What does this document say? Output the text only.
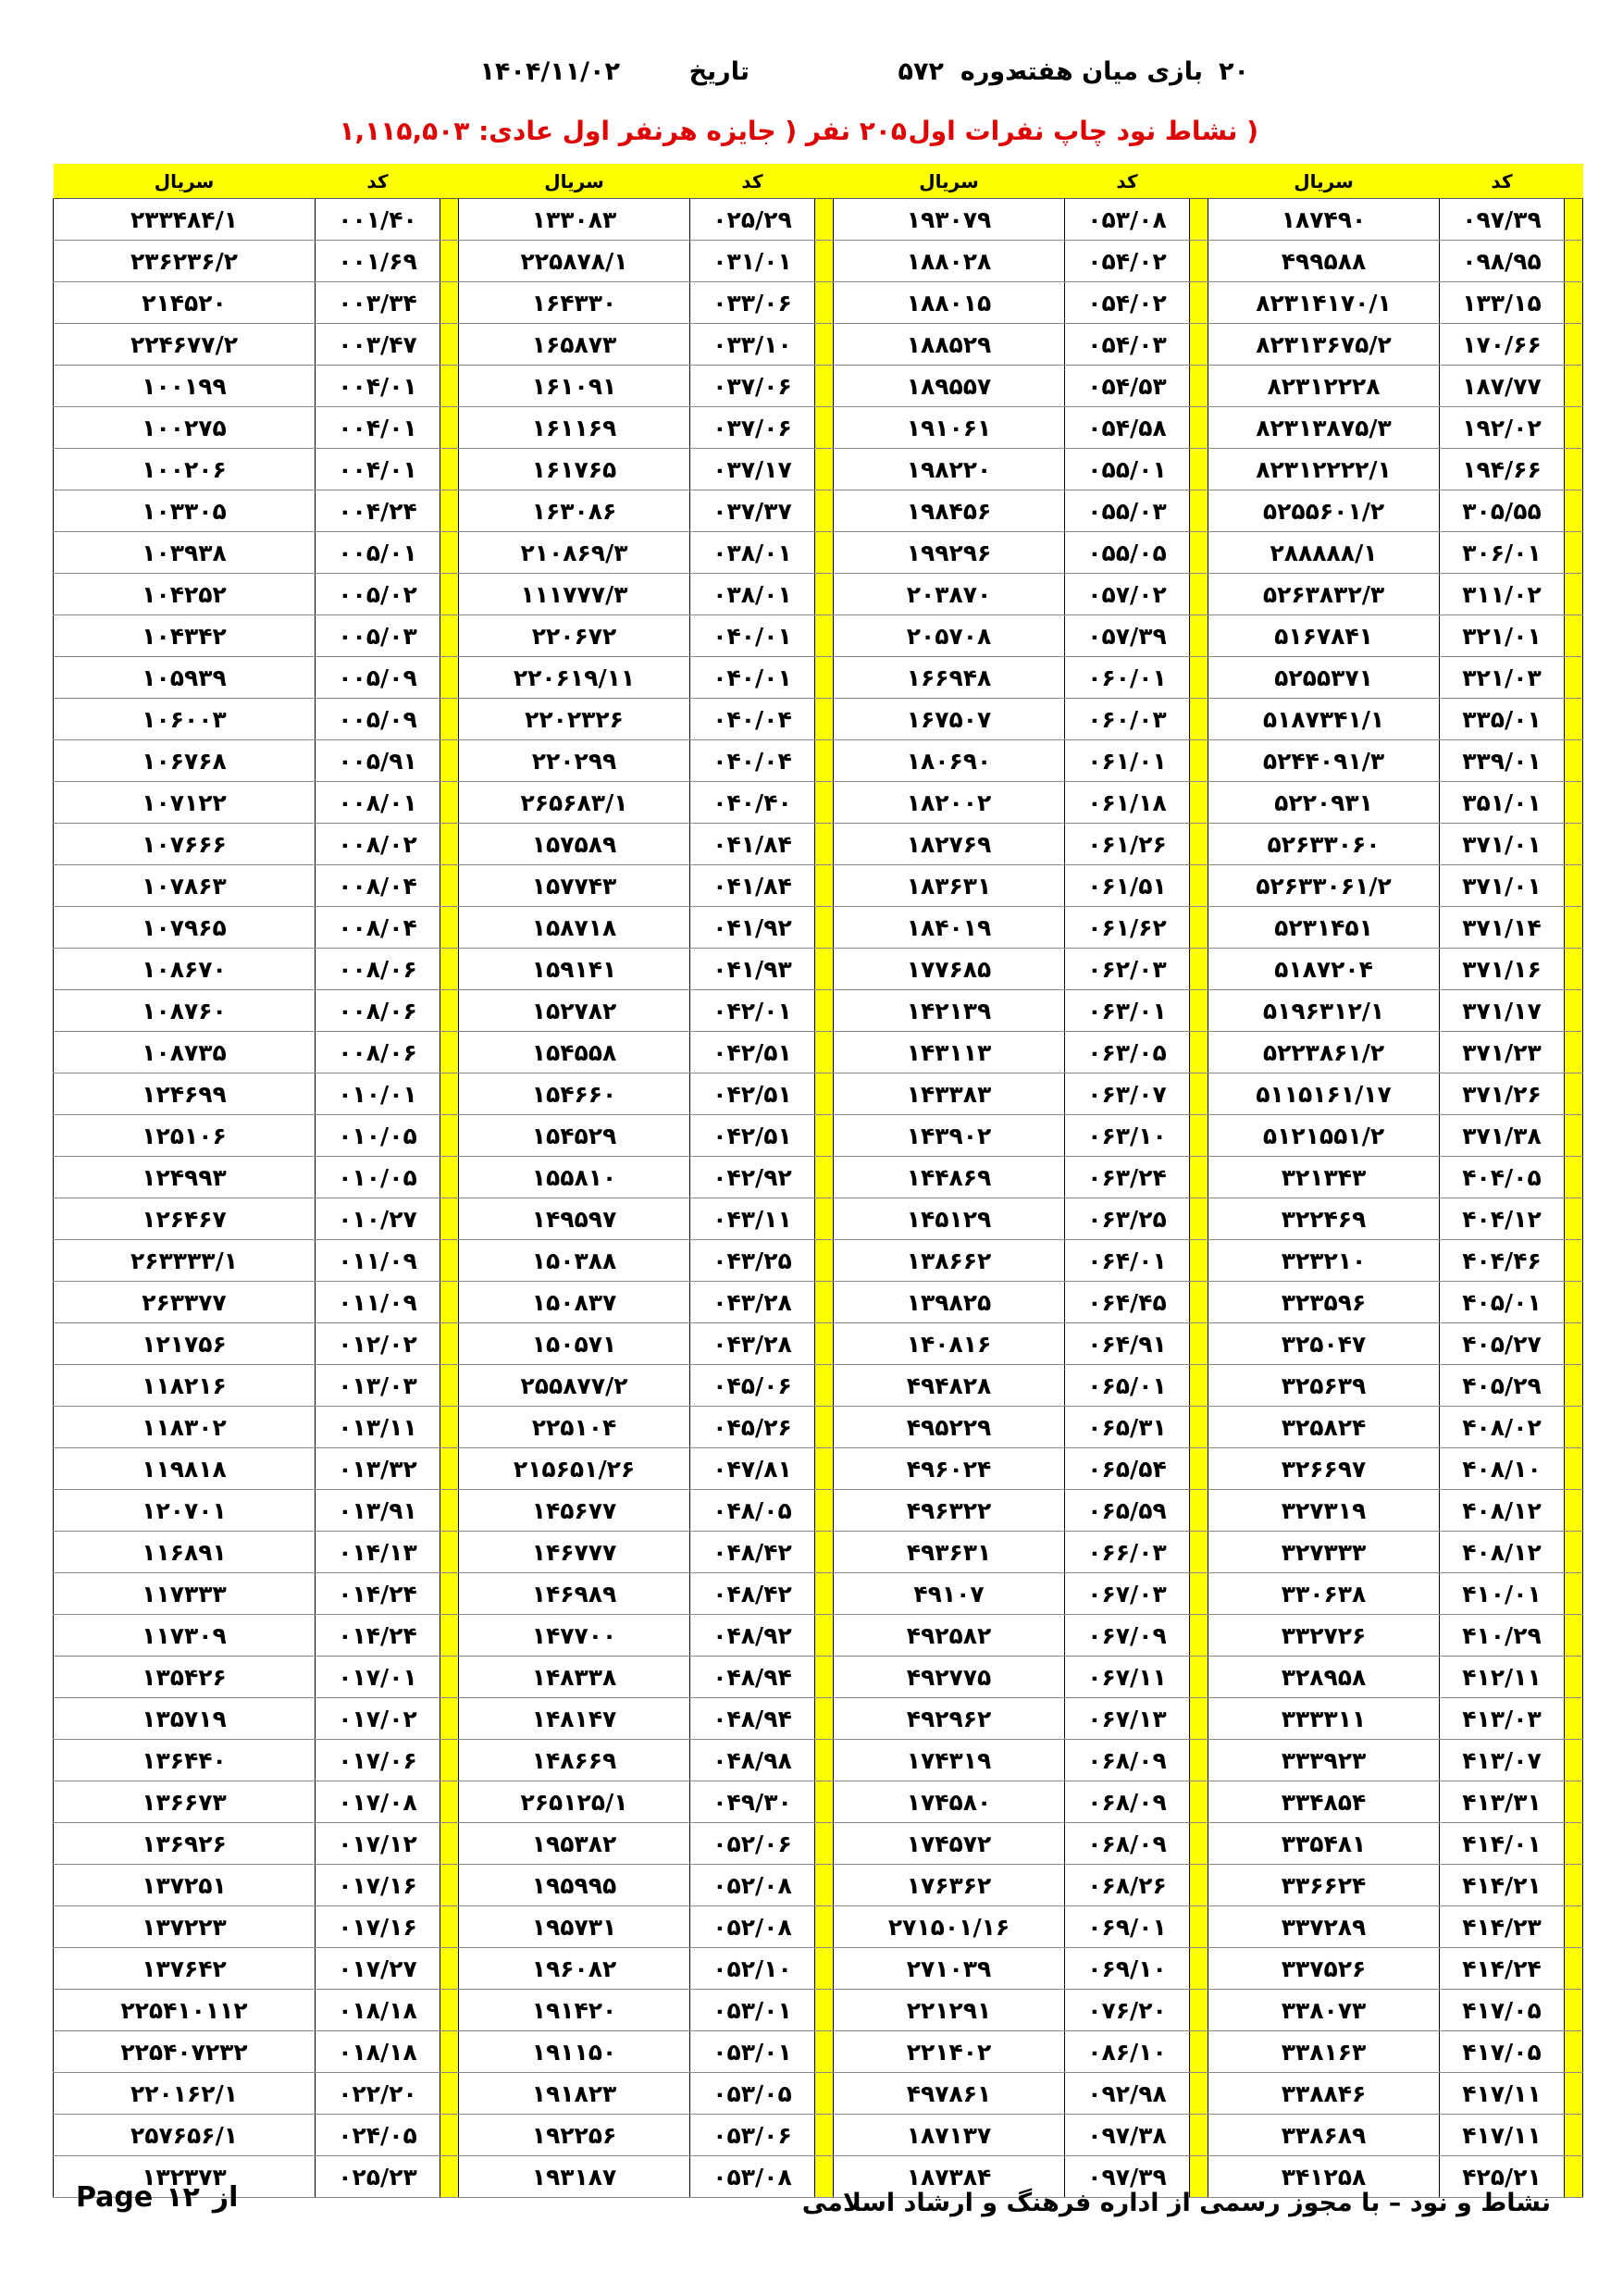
۲۰
بازی
میان هفته
دوره
۵۷۲
تاریخ
۱۴۰۴/۱۱/۰۲
( نشاط نود چاپ نفرات اول
۲۰۵ نفر ( جایزه هرنفر اول عادی: ۱,۱۱۵,۵۰۳
	کد	سریال		کد	سریال		کد	سریال		کد	سریال
	۰۹۷/۳۹	۱۸۷۴۹۰		۰۵۳/۰۸	۱۹۳۰۷۹		۰۲۵/۲۹	۱۳۳۰۸۳		۰۰۱/۴۰	۲۳۳۴۸۴/۱
	۰۹۸/۹۵	۴۹۹۵۸۸		۰۵۴/۰۲	۱۸۸۰۲۸		۰۳۱/۰۱	۲۲۵۸۷۸/۱		۰۰۱/۶۹	۲۳۶۲۳۶/۲
	۱۳۳/۱۵	۸۲۳۱۴۱۷۰/۱		۰۵۴/۰۲	۱۸۸۰۱۵		۰۳۳/۰۶	۱۶۴۳۳۰		۰۰۳/۳۴	۲۱۴۵۲۰
	۱۷۰/۶۶	۸۲۳۱۳۶۷۵/۲		۰۵۴/۰۳	۱۸۸۵۲۹		۰۳۳/۱۰	۱۶۵۸۷۳		۰۰۳/۴۷	۲۲۴۶۷۷/۲
	۱۸۷/۷۷	۸۲۳۱۲۲۲۸		۰۵۴/۵۳	۱۸۹۵۵۷		۰۳۷/۰۶	۱۶۱۰۹۱		۰۰۴/۰۱	۱۰۰۱۹۹
	۱۹۲/۰۲	۸۲۳۱۳۸۷۵/۳		۰۵۴/۵۸	۱۹۱۰۶۱		۰۳۷/۰۶	۱۶۱۱۶۹		۰۰۴/۰۱	۱۰۰۲۷۵
	۱۹۴/۶۶	۸۲۳۱۲۲۲۲/۱		۰۵۵/۰۱	۱۹۸۲۲۰		۰۳۷/۱۷	۱۶۱۷۶۵		۰۰۴/۰۱	۱۰۰۲۰۶
	۳۰۵/۵۵	۵۲۵۵۶۰۱/۲		۰۵۵/۰۳	۱۹۸۴۵۶		۰۳۷/۳۷	۱۶۳۰۸۶		۰۰۴/۲۴	۱۰۳۳۰۵
	۳۰۶/۰۱	۲۸۸۸۸۸/۱		۰۵۵/۰۵	۱۹۹۲۹۶		۰۳۸/۰۱	۲۱۰۸۶۹/۳		۰۰۵/۰۱	۱۰۳۹۳۸
	۳۱۱/۰۲	۵۲۶۳۸۳۲/۳		۰۵۷/۰۲	۲۰۳۸۷۰		۰۳۸/۰۱	۱۱۱۷۷۷/۳		۰۰۵/۰۲	۱۰۴۲۵۲
	۳۲۱/۰۱	۵۱۶۷۸۴۱		۰۵۷/۳۹	۲۰۵۷۰۸		۰۴۰/۰۱	۲۲۰۶۷۲		۰۰۵/۰۳	۱۰۴۳۴۲
	۳۲۱/۰۳	۵۲۵۵۳۷۱		۰۶۰/۰۱	۱۶۶۹۴۸		۰۴۰/۰۱	۲۲۰۶۱۹/۱۱		۰۰۵/۰۹	۱۰۵۹۳۹
	۳۳۵/۰۱	۵۱۸۷۳۴۱/۱		۰۶۰/۰۳	۱۶۷۵۰۷		۰۴۰/۰۴	۲۲۰۲۳۲۶		۰۰۵/۰۹	۱۰۶۰۰۳
	۳۳۹/۰۱	۵۲۴۴۰۹۱/۳		۰۶۱/۰۱	۱۸۰۶۹۰		۰۴۰/۰۴	۲۲۰۲۹۹		۰۰۵/۹۱	۱۰۶۷۶۸
	۳۵۱/۰۱	۵۲۲۰۹۳۱		۰۶۱/۱۸	۱۸۲۰۰۲		۰۴۰/۴۰	۲۶۵۶۸۳/۱		۰۰۸/۰۱	۱۰۷۱۲۲
	۳۷۱/۰۱	۵۲۶۳۳۰۶۰		۰۶۱/۲۶	۱۸۲۷۶۹		۰۴۱/۸۴	۱۵۷۵۸۹		۰۰۸/۰۲	۱۰۷۶۶۶
	۳۷۱/۰۱	۵۲۶۳۳۰۶۱/۲		۰۶۱/۵۱	۱۸۳۶۳۱		۰۴۱/۸۴	۱۵۷۷۴۳		۰۰۸/۰۴	۱۰۷۸۶۳
	۳۷۱/۱۴	۵۲۳۱۴۵۱		۰۶۱/۶۲	۱۸۴۰۱۹		۰۴۱/۹۲	۱۵۸۷۱۸		۰۰۸/۰۴	۱۰۷۹۶۵
	۳۷۱/۱۶	۵۱۸۷۲۰۴		۰۶۲/۰۳	۱۷۷۶۸۵		۰۴۱/۹۳	۱۵۹۱۴۱		۰۰۸/۰۶	۱۰۸۶۷۰
	۳۷۱/۱۷	۵۱۹۶۳۱۲/۱		۰۶۳/۰۱	۱۴۲۱۳۹		۰۴۲/۰۱	۱۵۲۷۸۲		۰۰۸/۰۶	۱۰۸۷۶۰
	۳۷۱/۲۳	۵۲۲۳۸۶۱/۲		۰۶۳/۰۵	۱۴۳۱۱۳		۰۴۲/۵۱	۱۵۴۵۵۸		۰۰۸/۰۶	۱۰۸۷۳۵
	۳۷۱/۲۶	۵۱۱۵۱۶۱/۱۷		۰۶۳/۰۷	۱۴۳۳۸۳		۰۴۲/۵۱	۱۵۴۶۶۰		۰۱۰/۰۱	۱۲۴۶۹۹
	۳۷۱/۳۸	۵۱۲۱۵۵۱/۲		۰۶۳/۱۰	۱۴۳۹۰۲		۰۴۲/۵۱	۱۵۴۵۲۹		۰۱۰/۰۵	۱۲۵۱۰۶
	۴۰۴/۰۵	۳۲۱۳۴۳		۰۶۳/۲۴	۱۴۴۸۶۹		۰۴۲/۹۲	۱۵۵۸۱۰		۰۱۰/۰۵	۱۲۴۹۹۳
	۴۰۴/۱۲	۳۲۲۴۶۹		۰۶۳/۲۵	۱۴۵۱۲۹		۰۴۳/۱۱	۱۴۹۵۹۷		۰۱۰/۲۷	۱۲۶۴۶۷
	۴۰۴/۴۶	۳۲۳۲۱۰		۰۶۴/۰۱	۱۳۸۶۶۲		۰۴۳/۲۵	۱۵۰۳۸۸		۰۱۱/۰۹	۲۶۳۳۳۳/۱
	۴۰۵/۰۱	۳۲۳۵۹۶		۰۶۴/۴۵	۱۳۹۸۲۵		۰۴۳/۲۸	۱۵۰۸۳۷		۰۱۱/۰۹	۲۶۳۳۷۷
	۴۰۵/۲۷	۳۲۵۰۴۷		۰۶۴/۹۱	۱۴۰۸۱۶		۰۴۳/۲۸	۱۵۰۵۷۱		۰۱۲/۰۲	۱۲۱۷۵۶
	۴۰۵/۲۹	۳۲۵۶۳۹		۰۶۵/۰۱	۴۹۴۸۲۸		۰۴۵/۰۶	۲۵۵۸۷۷/۲		۰۱۳/۰۳	۱۱۸۲۱۶
	۴۰۸/۰۲	۳۲۵۸۲۴		۰۶۵/۳۱	۴۹۵۲۲۹		۰۴۵/۲۶	۲۲۵۱۰۴		۰۱۳/۱۱	۱۱۸۳۰۲
	۴۰۸/۱۰	۳۲۶۶۹۷		۰۶۵/۵۴	۴۹۶۰۲۴		۰۴۷/۸۱	۲۱۵۶۵۱/۲۶		۰۱۳/۳۲	۱۱۹۸۱۸
	۴۰۸/۱۲	۳۲۷۳۱۹		۰۶۵/۵۹	۴۹۶۳۲۲		۰۴۸/۰۵	۱۴۵۶۷۷		۰۱۳/۹۱	۱۲۰۷۰۱
	۴۰۸/۱۲	۳۲۷۳۳۳		۰۶۶/۰۳	۴۹۳۶۳۱		۰۴۸/۴۲	۱۴۶۷۷۷		۰۱۴/۱۳	۱۱۶۸۹۱
	۴۱۰/۰۱	۳۳۰۶۳۸		۰۶۷/۰۳	۴۹۱۰۷		۰۴۸/۴۲	۱۴۶۹۸۹		۰۱۴/۲۴	۱۱۷۳۳۳
	۴۱۰/۲۹	۳۳۲۷۲۶		۰۶۷/۰۹	۴۹۲۵۸۲		۰۴۸/۹۲	۱۴۷۷۰۰		۰۱۴/۲۴	۱۱۷۳۰۹
	۴۱۲/۱۱	۳۲۸۹۵۸		۰۶۷/۱۱	۴۹۲۷۷۵		۰۴۸/۹۴	۱۴۸۳۳۸		۰۱۷/۰۱	۱۳۵۴۲۶
	۴۱۳/۰۳	۳۳۳۳۱۱		۰۶۷/۱۳	۴۹۲۹۶۲		۰۴۸/۹۴	۱۴۸۱۴۷		۰۱۷/۰۲	۱۳۵۷۱۹
	۴۱۳/۰۷	۳۳۳۹۲۳		۰۶۸/۰۹	۱۷۴۳۱۹		۰۴۸/۹۸	۱۴۸۶۶۹		۰۱۷/۰۶	۱۳۶۴۴۰
	۴۱۳/۳۱	۳۳۴۸۵۴		۰۶۸/۰۹	۱۷۴۵۸۰		۰۴۹/۳۰	۲۶۵۱۲۵/۱		۰۱۷/۰۸	۱۳۶۶۷۳
	۴۱۴/۰۱	۳۳۵۴۸۱		۰۶۸/۰۹	۱۷۴۵۷۲		۰۵۲/۰۶	۱۹۵۳۸۲		۰۱۷/۱۲	۱۳۶۹۲۶
	۴۱۴/۲۱	۳۳۶۶۲۴		۰۶۸/۲۶	۱۷۶۳۶۲		۰۵۲/۰۸	۱۹۵۹۹۵		۰۱۷/۱۶	۱۳۷۲۵۱
	۴۱۴/۲۳	۳۳۷۲۸۹		۰۶۹/۰۱	۲۷۱۵۰۱/۱۶		۰۵۲/۰۸	۱۹۵۷۳۱		۰۱۷/۱۶	۱۳۷۲۲۳
	۴۱۴/۲۴	۳۳۷۵۲۶		۰۶۹/۱۰	۲۷۱۰۳۹		۰۵۲/۱۰	۱۹۶۰۸۲		۰۱۷/۲۷	۱۳۷۶۴۲
	۴۱۷/۰۵	۳۳۸۰۷۳		۰۷۶/۲۰	۲۲۱۲۹۱		۰۵۳/۰۱	۱۹۱۴۲۰		۰۱۸/۱۸	۲۲۵۴۱۰۱۱۲
	۴۱۷/۰۵	۳۳۸۱۶۳		۰۸۶/۱۰	۲۲۱۴۰۲		۰۵۳/۰۱	۱۹۱۱۵۰		۰۱۸/۱۸	۲۲۵۴۰۷۲۳۲
	۴۱۷/۱۱	۳۳۸۸۴۶		۰۹۲/۹۸	۴۹۷۸۶۱		۰۵۳/۰۵	۱۹۱۸۲۳		۰۲۲/۲۰	۲۲۰۱۶۲/۱
	۴۱۷/۱۱	۳۳۸۶۸۹		۰۹۷/۳۸	۱۸۷۱۳۷		۰۵۳/۰۶	۱۹۲۲۵۶		۰۲۴/۰۵	۲۵۷۶۵۶/۱
	۴۲۵/۲۱	۳۴۱۲۵۸		۰۹۷/۳۹	۱۸۷۳۸۴		۰۵۳/۰۸	۱۹۳۱۸۷		۰۲۵/۲۳	۱۳۲۳۷۳
نشاط و نود – با مجوز رسمی از اداره فرهنگ و ارشاد اسلامی
Page ۱۲ از
